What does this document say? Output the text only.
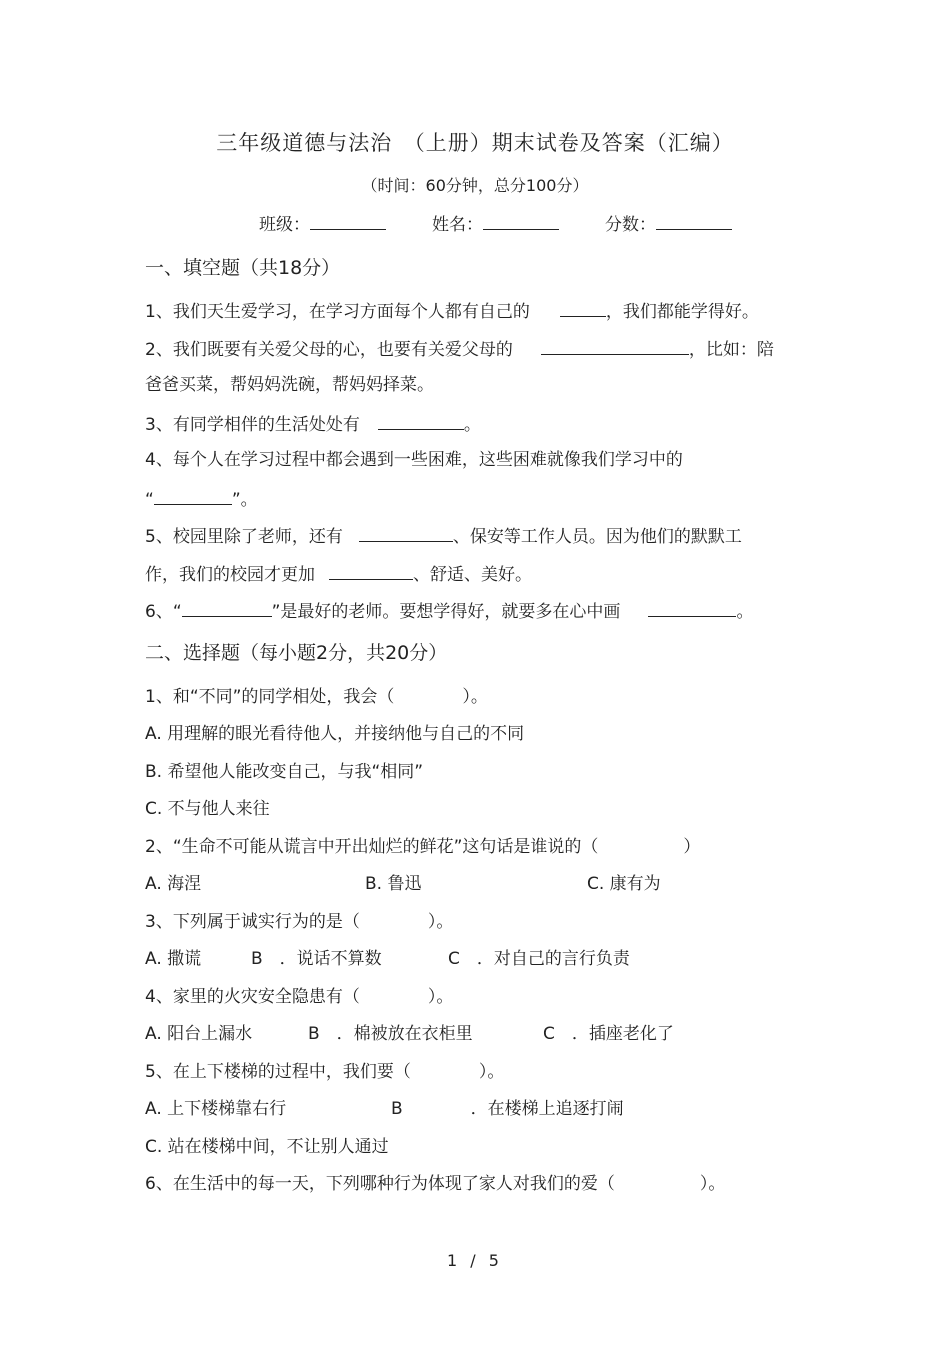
三年级道德与法治　（上册）期末试卷及答案（汇编）
（时间：60分钟，总分100分）
班级：	姓名：	分数：
一、填空题（共18分）
1、我们天生爱学习，在学习方面每个人都有自己的	，我们都能学得好。
2、我们既要有关爱父母的心，也要有关爱父母的	，比如：陪
爸爸买菜，帮妈妈洗碗，帮妈妈择菜。
3、有同学相伴的生活处处有	。
4、每个人在学习过程中都会遇到一些困难，这些困难就像我们学习中的
“	”。
5、校园里除了老师，还有	、保安等工作人员。因为他们的默默工
作，我们的校园才更加	、舒适、美好。
6、“	”是最好的老师。要想学得好，就要多在心中画	。
二、选择题（每小题2分，共20分）
1、和“不同”的同学相处，我会（　　　　）。
A. 用理解的眼光看待他人，并接纳他与自己的不同
B. 希望他人能改变自己，与我“相同”
C. 不与他人来往
2、“生命不可能从谎言中开出灿烂的鲜花”这句话是谁说的（　　　　　）
A. 海涅	B. 鲁迅	C. 康有为
3、下列属于诚实行为的是（　　　　）。
A. 撒谎	B　．说话不算数	C　．对自己的言行负责
4、家里的火灾安全隐患有（　　　　）。
A. 阳台上漏水	B　．棉被放在衣柜里	C　．插座老化了
5、在上下楼梯的过程中，我们要（　　　　）。
A. 上下楼梯靠右行	B　　　　．在楼梯上追逐打闹
C. 站在楼梯中间，不让别人通过
6、在生活中的每一天，下列哪种行为体现了家人对我们的爱（　　　　　）。
1 / 5
